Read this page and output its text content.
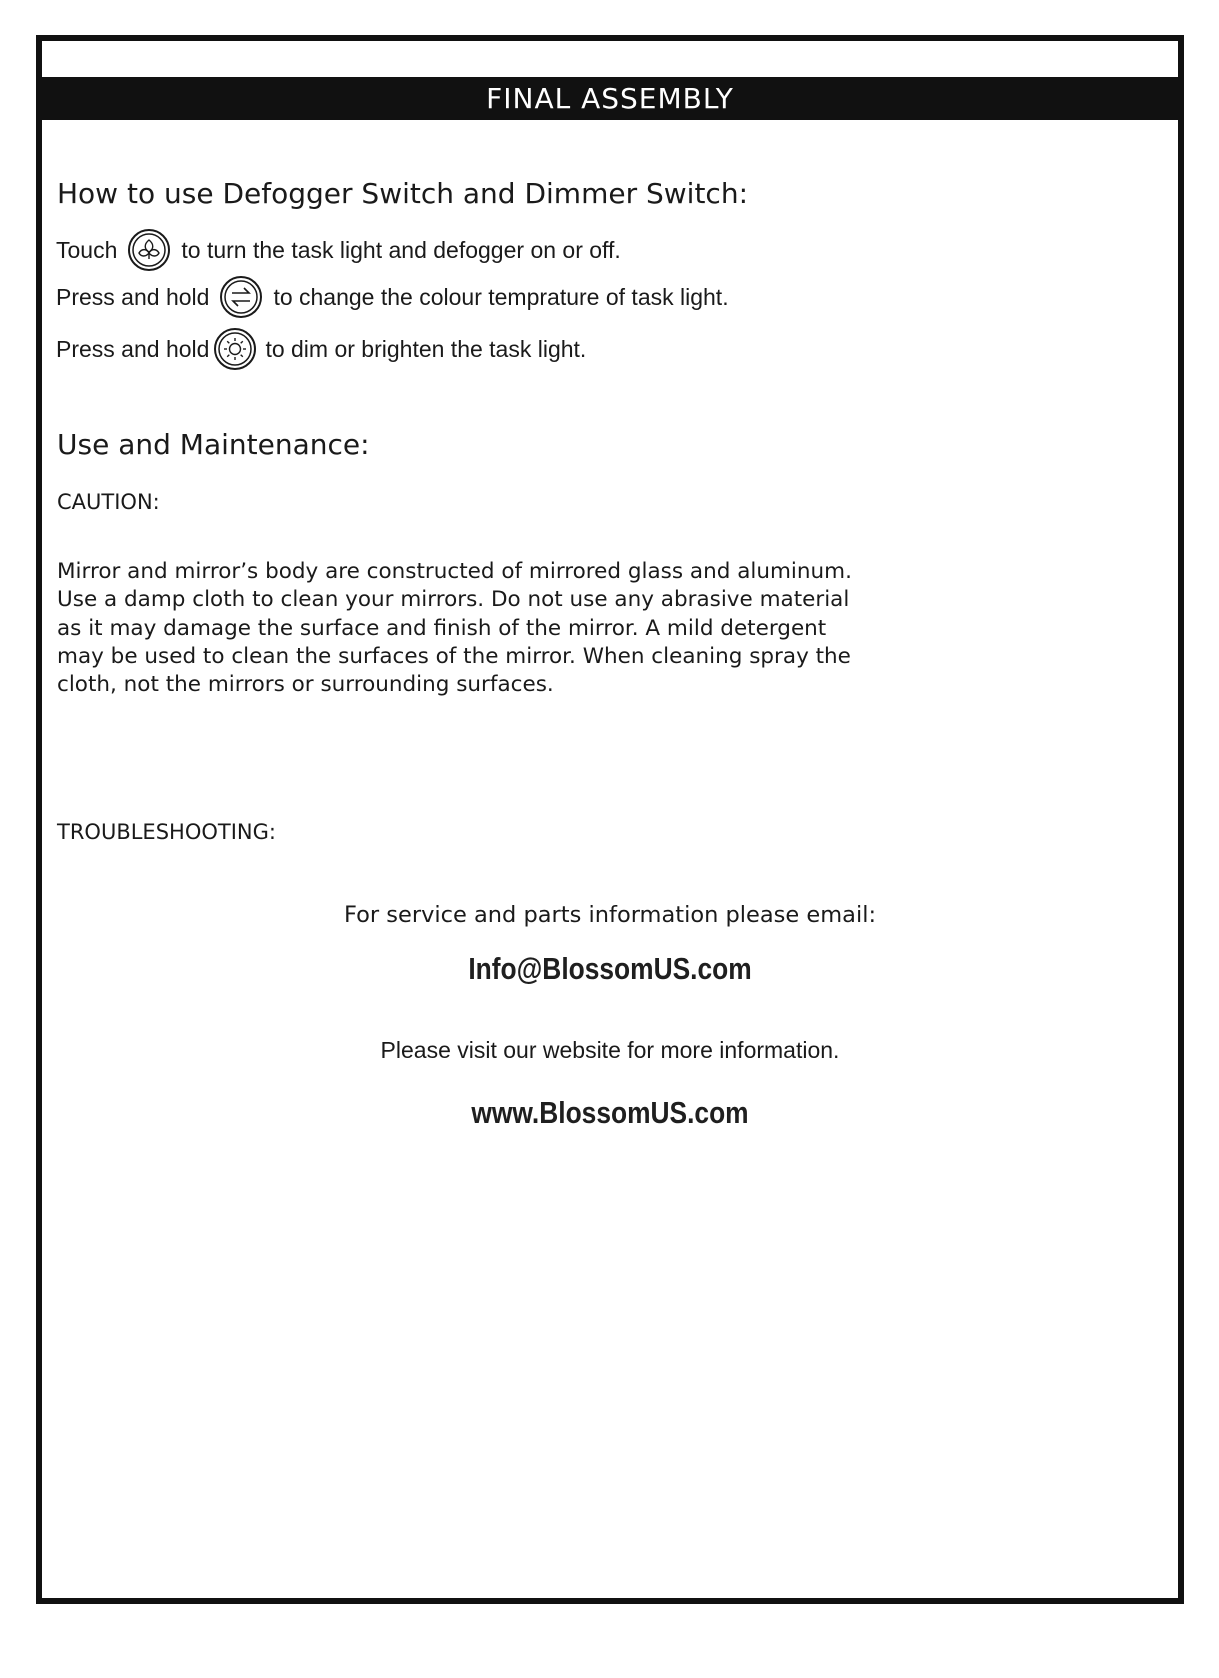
FINAL ASSEMBLY
How to use Defogger Switch and Dimmer Switch:
Touch	to turn the task light and defogger on or off.
Press and hold	to change the colour temprature of task light.
Press and hold to dim or brighten the task light.
Use and Maintenance:
CAUTION:
Mirror and mirror’s body are constructed of mirrored glass and aluminum.
Use a damp cloth to clean your mirrors. Do not use any abrasive material
as it may damage the surface and finish of the mirror. A mild detergent
may be used to clean the surfaces of the mirror. When cleaning spray the
cloth, not the mirrors or surrounding surfaces.
TROUBLESHOOTING:

For service and parts information please email:

Info@BlossomUS.com

Please visit our website for more information.

www.BlossomUS.com
